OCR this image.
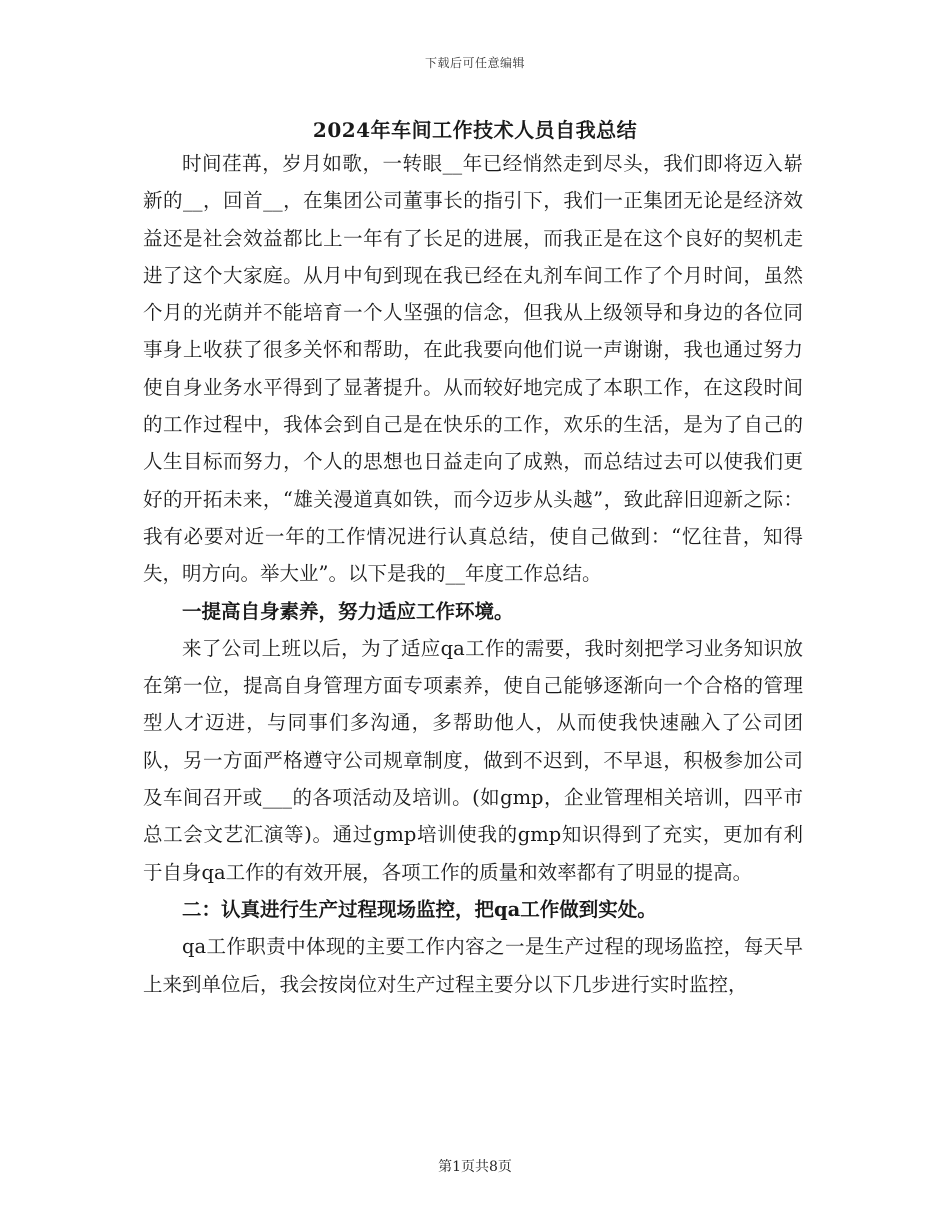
下载后可任意编辑
2024年车间工作技术人员自我总结

时间荏苒，岁月如歌，一转眼__年已经悄然走到尽头，我们即将迈入崭新的__，回首__，在集团公司董事长的指引下，我们一正集团无论是经济效益还是社会效益都比上一年有了长足的进展，而我正是在这个良好的契机走进了这个大家庭。从月中旬到现在我已经在丸剂车间工作了个月时间，虽然个月的光荫并不能培育一个人坚强的信念，但我从上级领导和身边的各位同事身上收获了很多关怀和帮助，在此我要向他们说一声谢谢，我也通过努力使自身业务水平得到了显著提升。从而较好地完成了本职工作，在这段时间的工作过程中，我体会到自己是在快乐的工作，欢乐的生活，是为了自己的人生目标而努力，个人的思想也日益走向了成熟，而总结过去可以使我们更好的开拓未来，“雄关漫道真如铁，而今迈步从头越”，致此辞旧迎新之际：我有必要对近一年的工作情况进行认真总结，使自己做到：“忆往昔，知得失，明方向。举大业”。以下是我的__年度工作总结。

一提高自身素养，努力适应工作环境。

来了公司上班以后，为了适应qa工作的需要，我时刻把学习业务知识放在第一位，提高自身管理方面专项素养，使自己能够逐渐向一个合格的管理型人才迈进，与同事们多沟通，多帮助他人，从而使我快速融入了公司团队，另一方面严格遵守公司规章制度，做到不迟到，不早退，积极参加公司及车间召开或___的各项活动及培训。(如gmp，企业管理相关培训，四平市总工会文艺汇演等)。通过gmp培训使我的gmp知识得到了充实，更加有利于自身qa工作的有效开展，各项工作的质量和效率都有了明显的提高。

二：认真进行生产过程现场监控，把qa工作做到实处。

qa工作职责中体现的主要工作内容之一是生产过程的现场监控，每天早上来到单位后，我会按岗位对生产过程主要分以下几步进行实时监控，

第1页共8页
